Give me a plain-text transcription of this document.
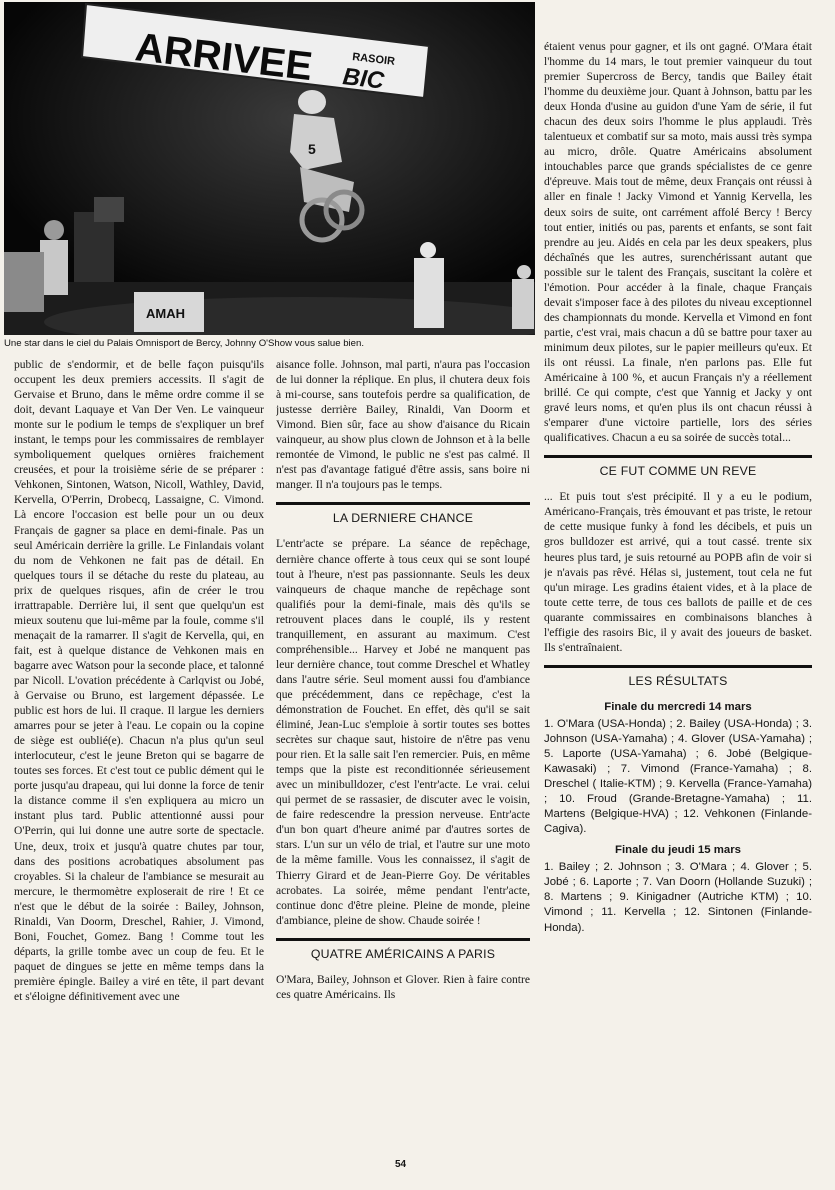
ARRIVEE	RASOIR
BIC
5
AMAH
Une star dans le ciel du Palais Omnisport de Bercy, Johnny O'Show vous salue bien.

public de s'endormir, et de belle façon puisqu'ils occupent les deux premiers accessits. Il s'agit de Gervaise et Bruno, dans le même ordre comme il se doit, devant Laquaye et Van Der Ven. Le vainqueur monte sur le podium le temps de s'expliquer un bref instant, le temps pour les commissaires de remblayer symboliquement quelques ornières fraichement creusées, et pour la troisième série de se préparer : Vehkonen, Sintonen, Watson, Nicoll, Wathley, David, Kervella, O'Perrin, Drobecq, Lassaigne, C. Vimond. Là encore l'occasion est belle pour un ou deux Français de gagner sa place en demi-finale. Pas un seul Américain derrière la grille. Le Finlandais volant du nom de Vehkonen ne fait pas de détail. En quelques tours il se détache du reste du plateau, au prix de quelques risques, afin de créer le trou irrattrapable. Derrière lui, il sent que quelqu'un est mieux soutenu que lui-même par la foule, comme s'il menaçait de la ramarrer. Il s'agit de Kervella, qui, en fait, est à quelque distance de Vehkonen mais en bagarre avec Watson pour la seconde place, et talonné par Nicoll. L'ovation précédente à Carlqvist ou Jobé, à Gervaise ou Bruno, est largement dépassée. Le public est hors de lui. Il craque. Il largue les derniers amarres pour se jeter à l'eau. Le copain ou la copine de siège est oublié(e). Chacun n'a plus qu'un seul interlocuteur, c'est le jeune Breton qui se bagarre de toutes ses forces. Et c'est tout ce public dément qui le porte jusqu'au drapeau, qui lui donne la force de tenir la distance comme il s'en expliquera au micro un instant plus tard. Public attentionné aussi pour O'Perrin, qui lui donne une autre sorte de spectacle. Une, deux, troix et jusqu'à quatre chutes par tour, dans des positions acrobatiques absolument pas croyables. Si la chaleur de l'ambiance se mesurait au mercure, le thermomètre exploserait de rire ! Et ce n'est que le début de la soirée : Bailey, Johnson, Rinaldi, Van Doorm, Dreschel, Rahier, J. Vimond, Boni, Fouchet, Gomez. Bang ! Comme tout les départs, la grille tombe avec un coup de feu. Et le paquet de dingues se jette en même temps dans la première épingle. Bailey a viré en tête, il part devant et s'éloigne définitivement avec une

aisance folle. Johnson, mal parti, n'aura pas l'occasion de lui donner la réplique. En plus, il chutera deux fois à mi-course, sans toutefois perdre sa qualification, de justesse derrière Bailey, Rinaldi, Van Doorm et Vimond. Bien sûr, face au show d'aisance du Ricain vainqueur, au show plus clown de Johnson et à la belle remontée de Vimond, le public ne s'est pas calmé. Il n'est pas d'avantage fatigué d'être assis, sans boire ni manger. Il n'a toujours pas le temps.

LA DERNIERE CHANCE

L'entr'acte se prépare. La séance de repêchage, dernière chance offerte à tous ceux qui se sont loupé tout à l'heure, n'est pas passionnante. Seuls les deux vainqueurs de chaque manche de repêchage sont qualifiés pour la demi-finale, mais dès qu'ils se retrouvent places dans le couplé, ils y restent tranquillement, en assurant au maximum. C'est compréhensible... Harvey et Jobé ne manquent pas leur dernière chance, tout comme Dreschel et Whatley dans l'autre série. Seul moment aussi fou d'ambiance que précédemment, dans ce repêchage, c'est la démonstration de Fouchet. En effet, dès qu'il se sait éliminé, Jean-Luc s'emploie à sortir toutes ses bottes secrètes sur chaque saut, histoire de n'être pas venu pour rien. Et la salle sait l'en remercier. Puis, en même temps que la piste est reconditionnée sérieusement avec un minibulldozer, c'est l'entr'acte. Le vrai. celui qui permet de se rassasier, de discuter avec le voisin, de faire redescendre la pression nerveuse. Entr'acte d'un bon quart d'heure animé par d'autres sortes de stars. L'un sur un vélo de trial, et l'autre sur une moto de la même famille. Vous les connaissez, il s'agit de Thierry Girard et de Jean-Pierre Goy. De véritables acrobates. La soirée, même pendant l'entr'acte, continue donc d'être pleine. Pleine de monde, pleine d'ambiance, pleine de show. Chaude soirée !

QUATRE AMÉRICAINS A PARIS

O'Mara, Bailey, Johnson et Glover. Rien à faire contre ces quatre Américains. Ils

étaient venus pour gagner, et ils ont gagné. O'Mara était l'homme du 14 mars, le tout premier vainqueur du tout premier Supercross de Bercy, tandis que Bailey était l'homme du deuxième jour. Quant à Johnson, battu par les deux Honda d'usine au guidon d'une Yam de série, il fut chacun des deux soirs l'homme le plus applaudi. Très talentueux et combatif sur sa moto, mais aussi très sympa au micro, drôle. Quatre Américains absolument intouchables parce que grands spécialistes de ce genre d'épreuve. Mais tout de même, deux Français ont réussi à aller en finale ! Jacky Vimond et Yannig Kervella, les deux soirs de suite, ont carrément affolé Bercy ! Bercy tout entier, initiés ou pas, parents et enfants, se sont fait prendre au jeu. Aidés en cela par les deux speakers, plus déchaînés que les autres, surenchérissant autant que possible sur le talent des Français, suscitant la colère et l'émotion. Pour accéder à la finale, chaque Français devait s'imposer face à des pilotes du niveau exceptionnel des championnats du monde. Kervella et Vimond en font partie, c'est vrai, mais chacun a dû se battre pour taxer au minimum deux pilotes, sur le papier meilleurs qu'eux. Et ils ont réussi. La finale, n'en parlons pas. Elle fut Américaine à 100 %, et aucun Français n'y a réellement brillé. Ce qui compte, c'est que Yannig et Jacky y ont gravé leurs noms, et qu'en plus ils ont chacun réussi à s'emparer d'une victoire partielle, lors des séries qualificatives. Chacun a eu sa soirée de succès total...

CE FUT COMME UN REVE

... Et puis tout s'est précipité. Il y a eu le podium, Américano-Français, très émouvant et pas triste, le retour de cette musique funky à fond les décibels, et puis un gros bulldozer est arrivé, qui a tout cassé. trente six heures plus tard, je suis retourné au POPB afin de voir si je n'avais pas rêvé. Hélas si, justement, tout cela ne fut qu'un mirage. Les gradins étaient vides, et à la place de toute cette terre, de tous ces ballots de paille et de ces quarante commissaires en combinaisons blanches à l'effigie des rasoirs Bic, il y avait des joueurs de basket. Ils s'entraînaient.

LES RÉSULTATS
Finale du mercredi 14 mars

1. O'Mara (USA-Honda) ; 2. Bailey (USA-Honda) ; 3. Johnson (USA-Yamaha) ; 4. Glover (USA-Yamaha) ; 5. Laporte (USA-Yamaha) ; 6. Jobé (Belgique-Kawasaki) ; 7. Vimond (France-Yamaha) ; 8. Dreschel ( Italie-KTM) ; 9. Kervella (France-Yamaha) ; 10. Froud (Grande-Bretagne-Yamaha) ; 11. Martens (Belgique-HVA) ; 12. Vehkonen (Finlande-Cagiva).

Finale du jeudi 15 mars

1. Bailey ; 2. Johnson ; 3. O'Mara ; 4. Glover ; 5. Jobé ; 6. Laporte ; 7. Van Doorn (Hollande Suzuki) ; 8. Martens ; 9. Kinigadner (Autriche KTM) ; 10. Vimond ; 11. Kervella ; 12. Sintonen (Finlande-Honda).

54
